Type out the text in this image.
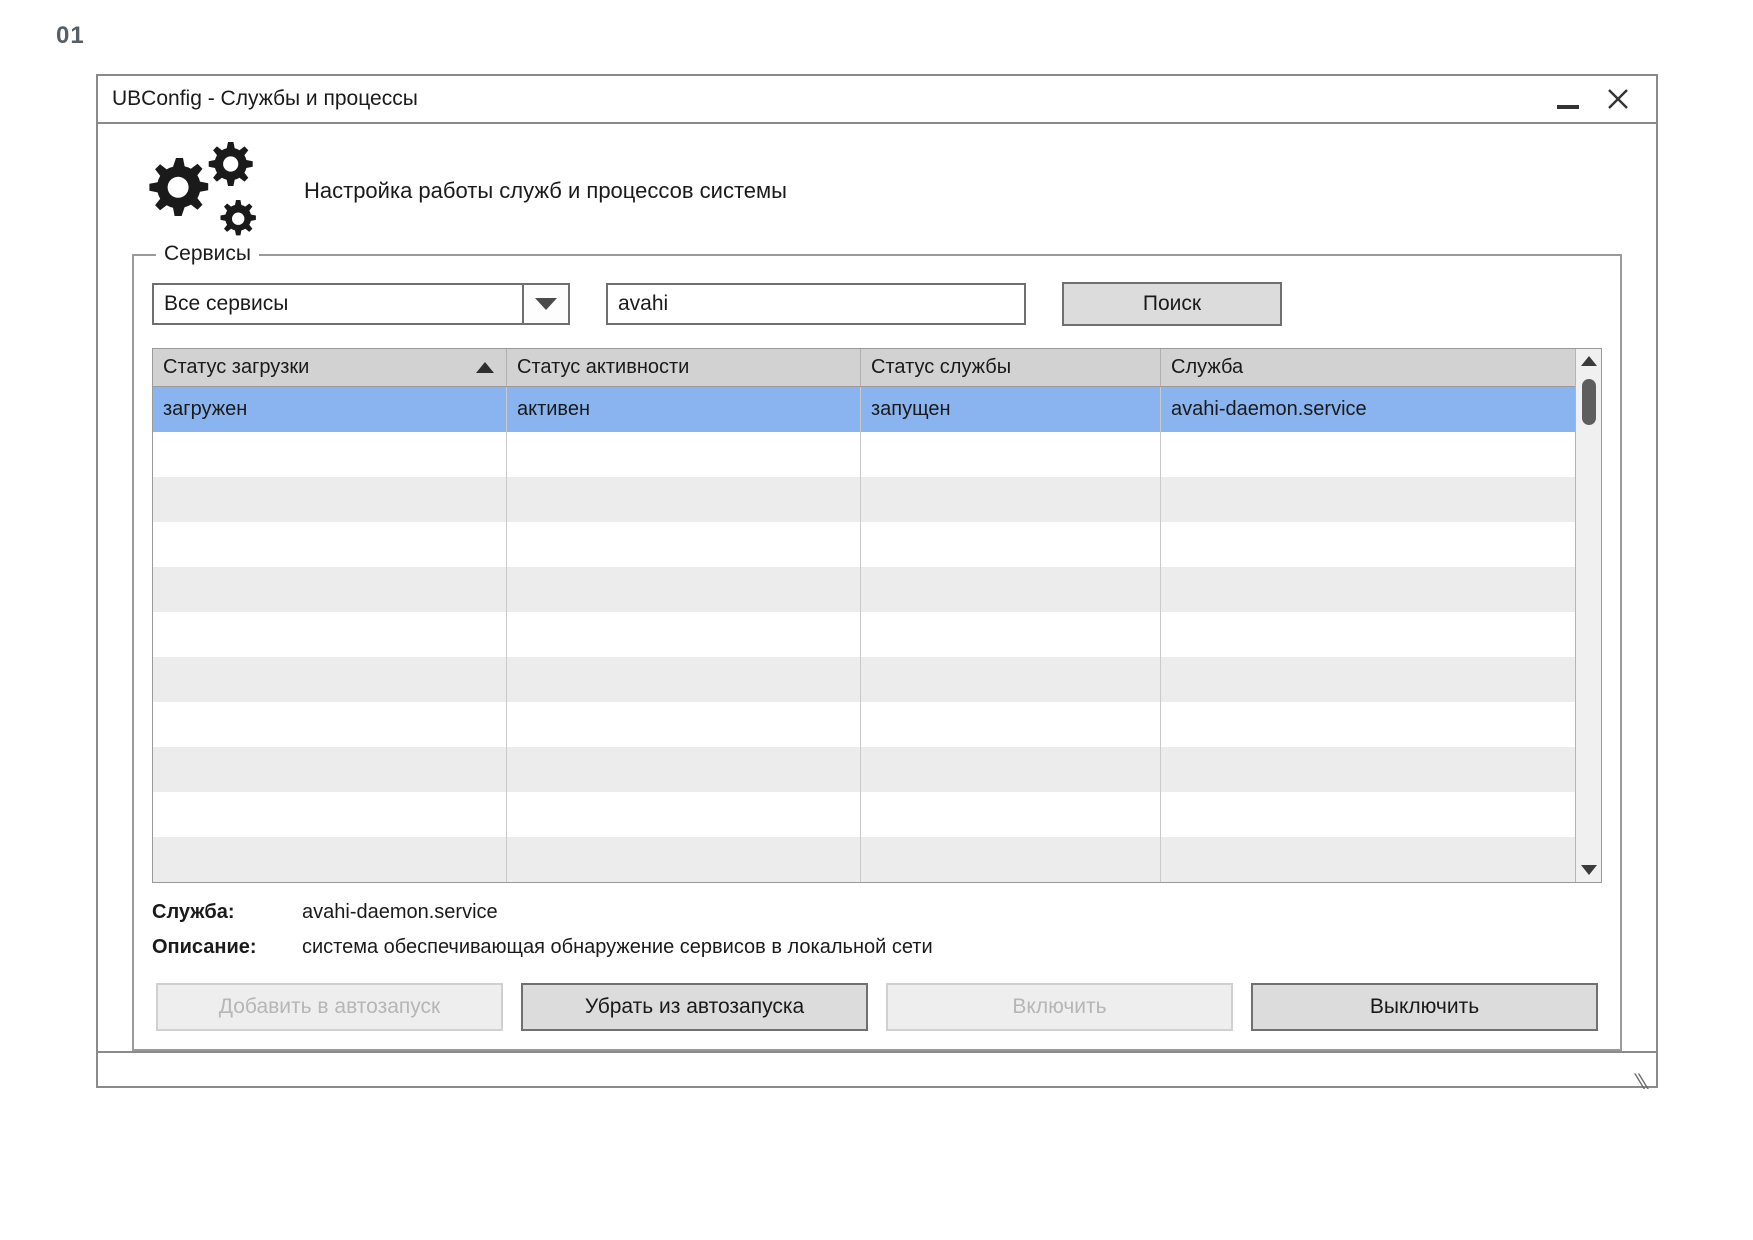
01
UBConfig - Службы и процессы
Настройка работы служб и процессов системы
Сервисы
Все сервисы
avahi	Поиск
Статус загрузки	Статус активности	Статус службы	Служба
загружен	активен	запущен	avahi-daemon.service
Служба:	avahi-daemon.service
Описание:	система обеспечивающая обнаружение сервисов в локальной сети
Добавить в автозапуск	Убрать из автозапуска	Включить	Выключить
⁄⁄
